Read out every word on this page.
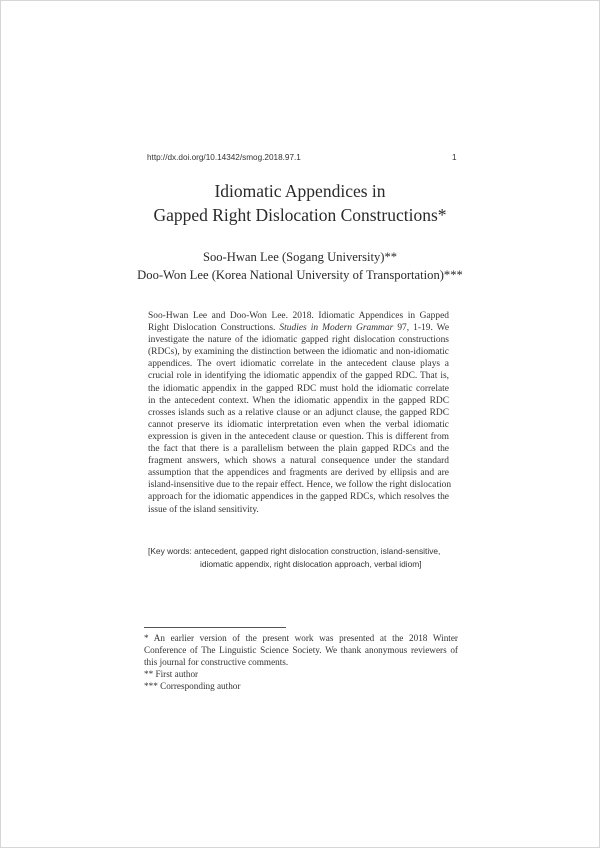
http://dx.doi.org/10.14342/smog.2018.97.1	1
Idiomatic Appendices in
Gapped Right Dislocation Constructions*
Soo-Hwan Lee (Sogang University)**
Doo-Won Lee (Korea National University of Transportation)***
Soo-Hwan Lee and Doo-Won Lee. 2018. Idiomatic Appendices in Gapped
Right Dislocation Constructions. Studies in Modern Grammar 97, 1-19. We
investigate the nature of the idiomatic gapped right dislocation constructions
(RDCs), by examining the distinction between the idiomatic and non-idiomatic
appendices. The overt idiomatic correlate in the antecedent clause plays a
crucial role in identifying the idiomatic appendix of the gapped RDC. That is,
the idiomatic appendix in the gapped RDC must hold the idiomatic correlate
in the antecedent context. When the idiomatic appendix in the gapped RDC
crosses islands such as a relative clause or an adjunct clause, the gapped RDC
cannot preserve its idiomatic interpretation even when the verbal idiomatic
expression is given in the antecedent clause or question. This is different from
the fact that there is a parallelism between the plain gapped RDCs and the
fragment answers, which shows a natural consequence under the standard
assumption that the appendices and fragments are derived by ellipsis and are
island-insensitive due to the repair effect. Hence, we follow the right dislocation
approach for the idiomatic appendices in the gapped RDCs, which resolves the
issue of the island sensitivity.
[Key words: antecedent, gapped right dislocation construction, island-sensitive,
idiomatic appendix, right dislocation approach, verbal idiom]
* An earlier version of the present work was presented at the 2018 Winter
Conference of The Linguistic Science Society. We thank anonymous reviewers of
this journal for constructive comments.
** First author
*** Corresponding author
